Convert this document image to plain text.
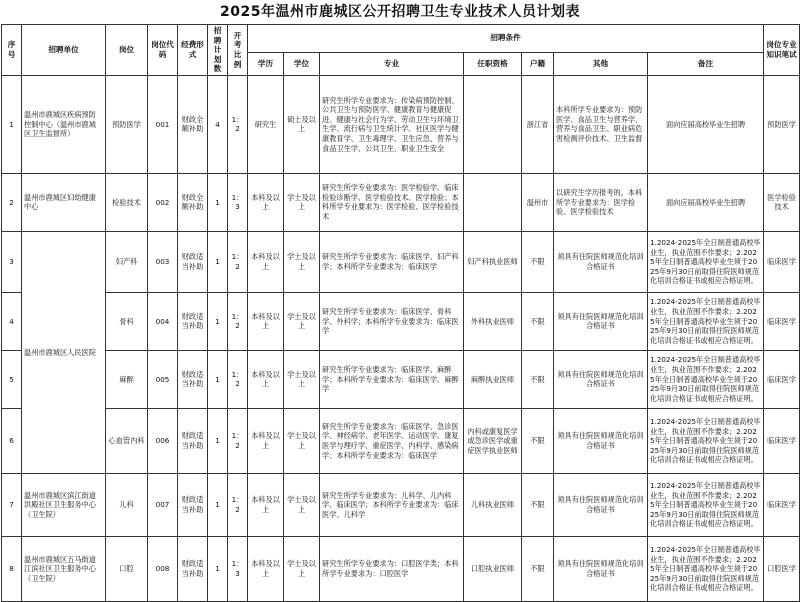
2025年温州市鹿城区公开招聘卫生专业技术人员计划表
序号	招聘单位	岗位	岗位代码	经费形式	招聘计划数	开考比例	招聘条件							岗位专业知识笔试
							学历	学位	专业	任职资格	户籍	其他	备注	
1	温州市鹿城区疾病预防控制中心（温州市鹿城区卫生监督所）	预防医学	001	财政全额补助	4	1：2	研究生	硕士及以上	研究生所学专业要求为：传染病预防控制、公共卫生与预防医学、健康教育与健康促进、健康与社会行为学、劳动卫生与环境卫生学、流行病与卫生统计学、社区医学与健康教育学、卫生毒理学、卫生应急、营养与食品卫生学、公共卫生、职业卫生安全		浙江省	本科所学专业要求为：预防医学、食品卫生与营养学、营养与食品卫生、职业病危害检测评价技术、卫生监督	面向应届高校毕业生招聘	预防医学
2	温州市鹿城区妇幼健康中心	检验技术	002	财政全额补助	1	1：3	本科及以上	学士及以上	研究生所学专业要求为：医学检验学、临床检验诊断学、医学检验技术、医学检验；本科所学专业要求为：医学检验、医学检验技术		温州市	以研究生学历报考的，本科所学专业要求为：医学检验、医学检验技术	面向应届高校毕业生招聘	医学检验技术
3	温州市鹿城区人民医院	妇产科	003	财政适当补助	1	1：2	本科及以上	学士及以上	研究生所学专业要求为：临床医学、妇产科学；本科所学专业要求为：临床医学	妇产科执业医师	不限	须具有住院医师规范化培训合格证书	1.2024-2025年全日制普通高校毕业生，执业范围不作要求；2.2025年全日制普通高校毕业生须于2025年9月30日前取得住院医师规范化培训合格证书或相应合格证明。	临床医学
4		骨科	004	财政适当补助	1	1：2	本科及以上	学士及以上	研究生所学专业要求为：临床医学、骨科学、外科学；本科所学专业要求为：临床医学	外科执业医师	不限	须具有住院医师规范化培训合格证书	1.2024-2025年全日制普通高校毕业生，执业范围不作要求；2.2025年全日制普通高校毕业生须于2025年9月30日前取得住院医师规范化培训合格证书或相应合格证明。	临床医学
5		麻醉	005	财政适当补助	1	1：2	本科及以上	学士及以上	研究生所学专业要求为：临床医学、麻醉学；本科所学专业要求为：临床医学、麻醉学	麻醉执业医师	不限	须具有住院医师规范化培训合格证书	1.2024-2025年全日制普通高校毕业生，执业范围不作要求；2.2025年全日制普通高校毕业生须于2025年9月30日前取得住院医师规范化培训合格证书或相应合格证明。	临床医学
6		心血管内科	006	财政适当补助	1	1：2	本科及以上	学士及以上	研究生所学专业要求为：临床医学、急诊医学、神经病学、老年医学、运动医学、康复医学与理疗学、重症医学、内科学、感染病学；本科所学专业要求为：临床医学	内科或康复医学或急诊医学或重症医学执业医师	不限	须具有住院医师规范化培训合格证书	1.2024-2025年全日制普通高校毕业生，执业范围不作要求；2.2025年全日制普通高校毕业生须于2025年9月30日前取得住院医师规范化培训合格证书或相应合格证明。	临床医学
7	温州市鹿城区滨江街道洪殿社区卫生服务中心（卫生院）	儿科	007	财政适当补助	1	1：2	本科及以上	学士及以上	研究生所学专业要求为：儿科学、儿内科学、临床医学；本科所学专业要求为：临床医学、儿科学	儿科执业医师	不限	须具有住院医师规范化培训合格证书	1.2024-2025年全日制普通高校毕业生，执业范围不作要求；2.2025年全日制普通高校毕业生须于2025年9月30日前取得住院医师规范化培训合格证书或相应合格证明。	临床医学
8	温州市鹿城区五马街道江滨社区卫生服务中心（卫生院）	口腔	008	财政适当补助	1	1：3	本科及以上	学士及以上	研究生所学专业要求为：口腔医学类；本科所学专业要求为：口腔医学	口腔执业医师	不限	须具有住院医师规范化培训合格证书	1.2024-2025年全日制普通高校毕业生，执业范围不作要求；2.2025年全日制普通高校毕业生须于2025年9月30日前取得住院医师规范化培训合格证书或相应合格证明。	口腔医学
